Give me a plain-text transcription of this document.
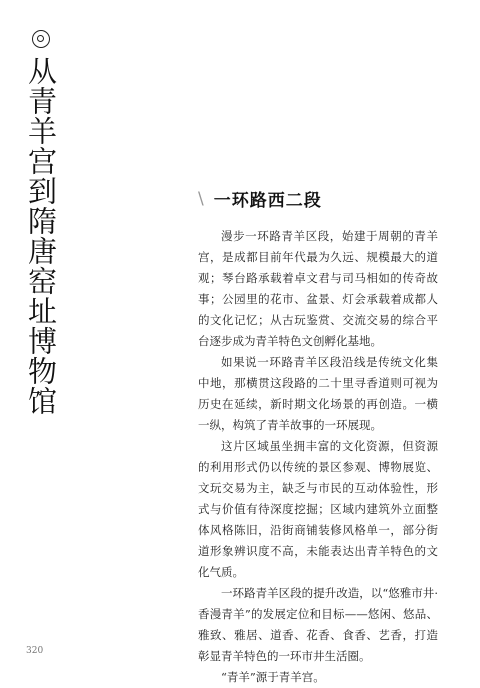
从青羊宫到隋唐窑址博物馆	\ 一环路西二段

漫步一环路青羊区段，始建于周朝的青羊宫，是成都目前年代最为久远、规模最大的道观；琴台路承载着卓文君与司马相如的传奇故事；公园里的花市、盆景、灯会承载着成都人的文化记忆；从古玩鉴赏、交流交易的综合平台逐步成为青羊特色文创孵化基地。

如果说一环路青羊区段沿线是传统文化集中地，那横贯这段路的二十里寻香道则可视为历史在延续，新时期文化场景的再创造。一横一纵，构筑了青羊故事的一环展现。

这片区域虽坐拥丰富的文化资源，但资源的利用形式仍以传统的景区参观、博物展览、文玩交易为主，缺乏与市民的互动体验性，形式与价值有待深度挖掘；区域内建筑外立面整体风格陈旧，沿街商铺装修风格单一，部分街道形象辨识度不高，未能表达出青羊特色的文化气质。

一环路青羊区段的提升改造，以“悠雅市井·香漫青羊”的发展定位和目标——悠闲、悠品、雅致、雅居、道香、花香、食香、艺香，打造彰显青羊特色的一环市井生活圈。

“青羊”源于青羊宫。

320
